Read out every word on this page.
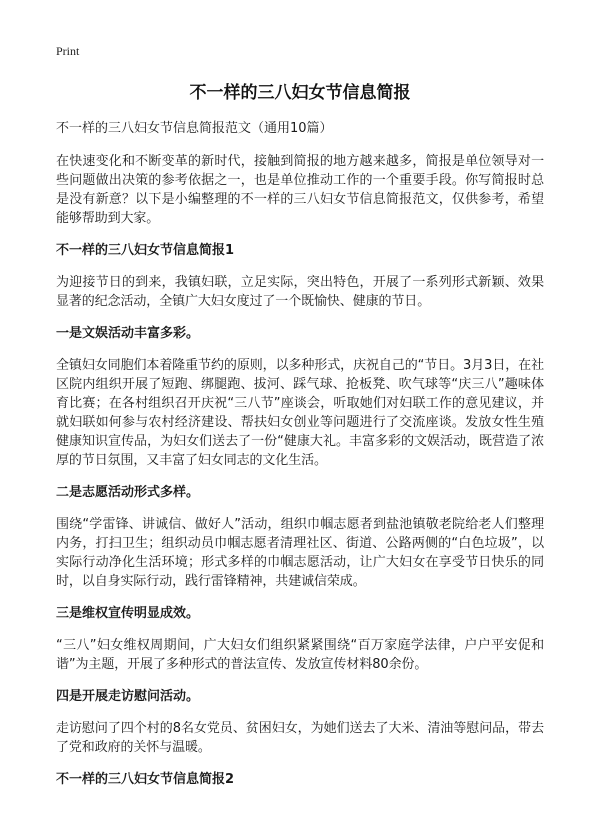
Print
不一样的三八妇女节信息简报
不一样的三八妇女节信息简报范文（通用10篇）

在快速变化和不断变革的新时代，接触到简报的地方越来越多，简报是单位领导对一些问题做出决策的参考依据之一，也是单位推动工作的一个重要手段。你写简报时总是没有新意？以下是小编整理的不一样的三八妇女节信息简报范文，仅供参考，希望能够帮助到大家。

不一样的三八妇女节信息简报1

为迎接节日的到来，我镇妇联，立足实际，突出特色，开展了一系列形式新颖、效果显著的纪念活动，全镇广大妇女度过了一个既愉快、健康的节日。

一是文娱活动丰富多彩。

全镇妇女同胞们本着隆重节约的原则，以多种形式，庆祝自己的“节日。3月3日，在社区院内组织开展了短跑、绑腿跑、拔河、踩气球、抢板凳、吹气球等“庆三八”趣味体育比赛；在各村组织召开庆祝“三八节”座谈会，听取她们对妇联工作的意见建议，并就妇联如何参与农村经济建设、帮扶妇女创业等问题进行了交流座谈。发放女性生殖健康知识宣传品，为妇女们送去了一份“健康大礼。丰富多彩的文娱活动，既营造了浓厚的节日氛围，又丰富了妇女同志的文化生活。

二是志愿活动形式多样。

围绕“学雷锋、讲诚信、做好人”活动，组织巾帼志愿者到盐池镇敬老院给老人们整理内务，打扫卫生；组织动员巾帼志愿者清理社区、街道、公路两侧的“白色垃圾”，以实际行动净化生活环境；形式多样的巾帼志愿活动，让广大妇女在享受节日快乐的同时，以自身实际行动，践行雷锋精神，共建诚信荣成。

三是维权宣传明显成效。

“三八”妇女维权周期间，广大妇女们组织紧紧围绕“百万家庭学法律，户户平安促和谐”为主题，开展了多种形式的普法宣传、发放宣传材料80余份。

四是开展走访慰问活动。

走访慰问了四个村的8名女党员、贫困妇女，为她们送去了大米、清油等慰问品，带去了党和政府的关怀与温暖。

不一样的三八妇女节信息简报2
